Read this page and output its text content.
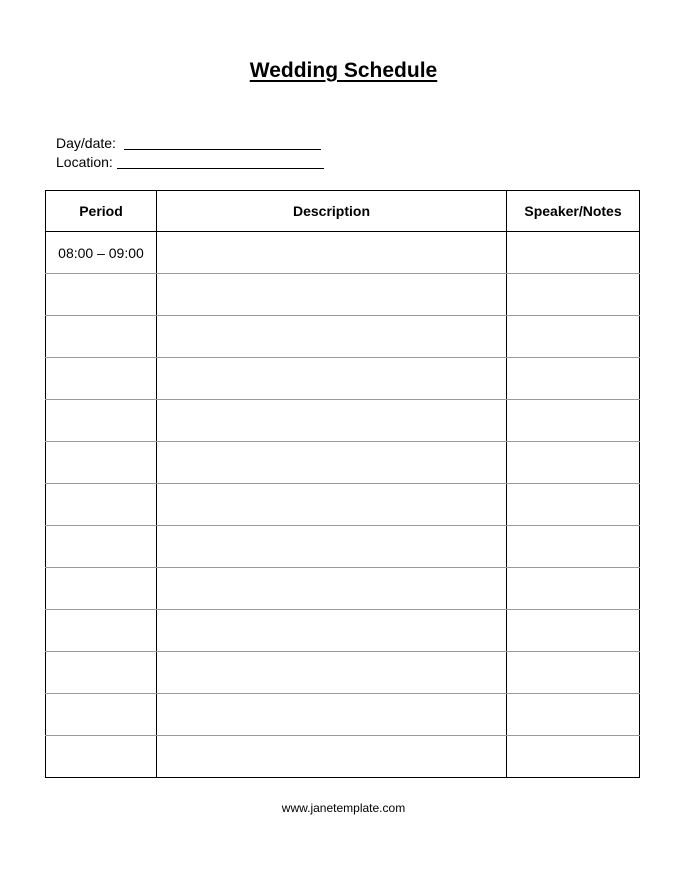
Wedding Schedule
Day/date:
Location:
Period	Description	Speaker/Notes
08:00 – 09:00		

www.janetemplate.com
